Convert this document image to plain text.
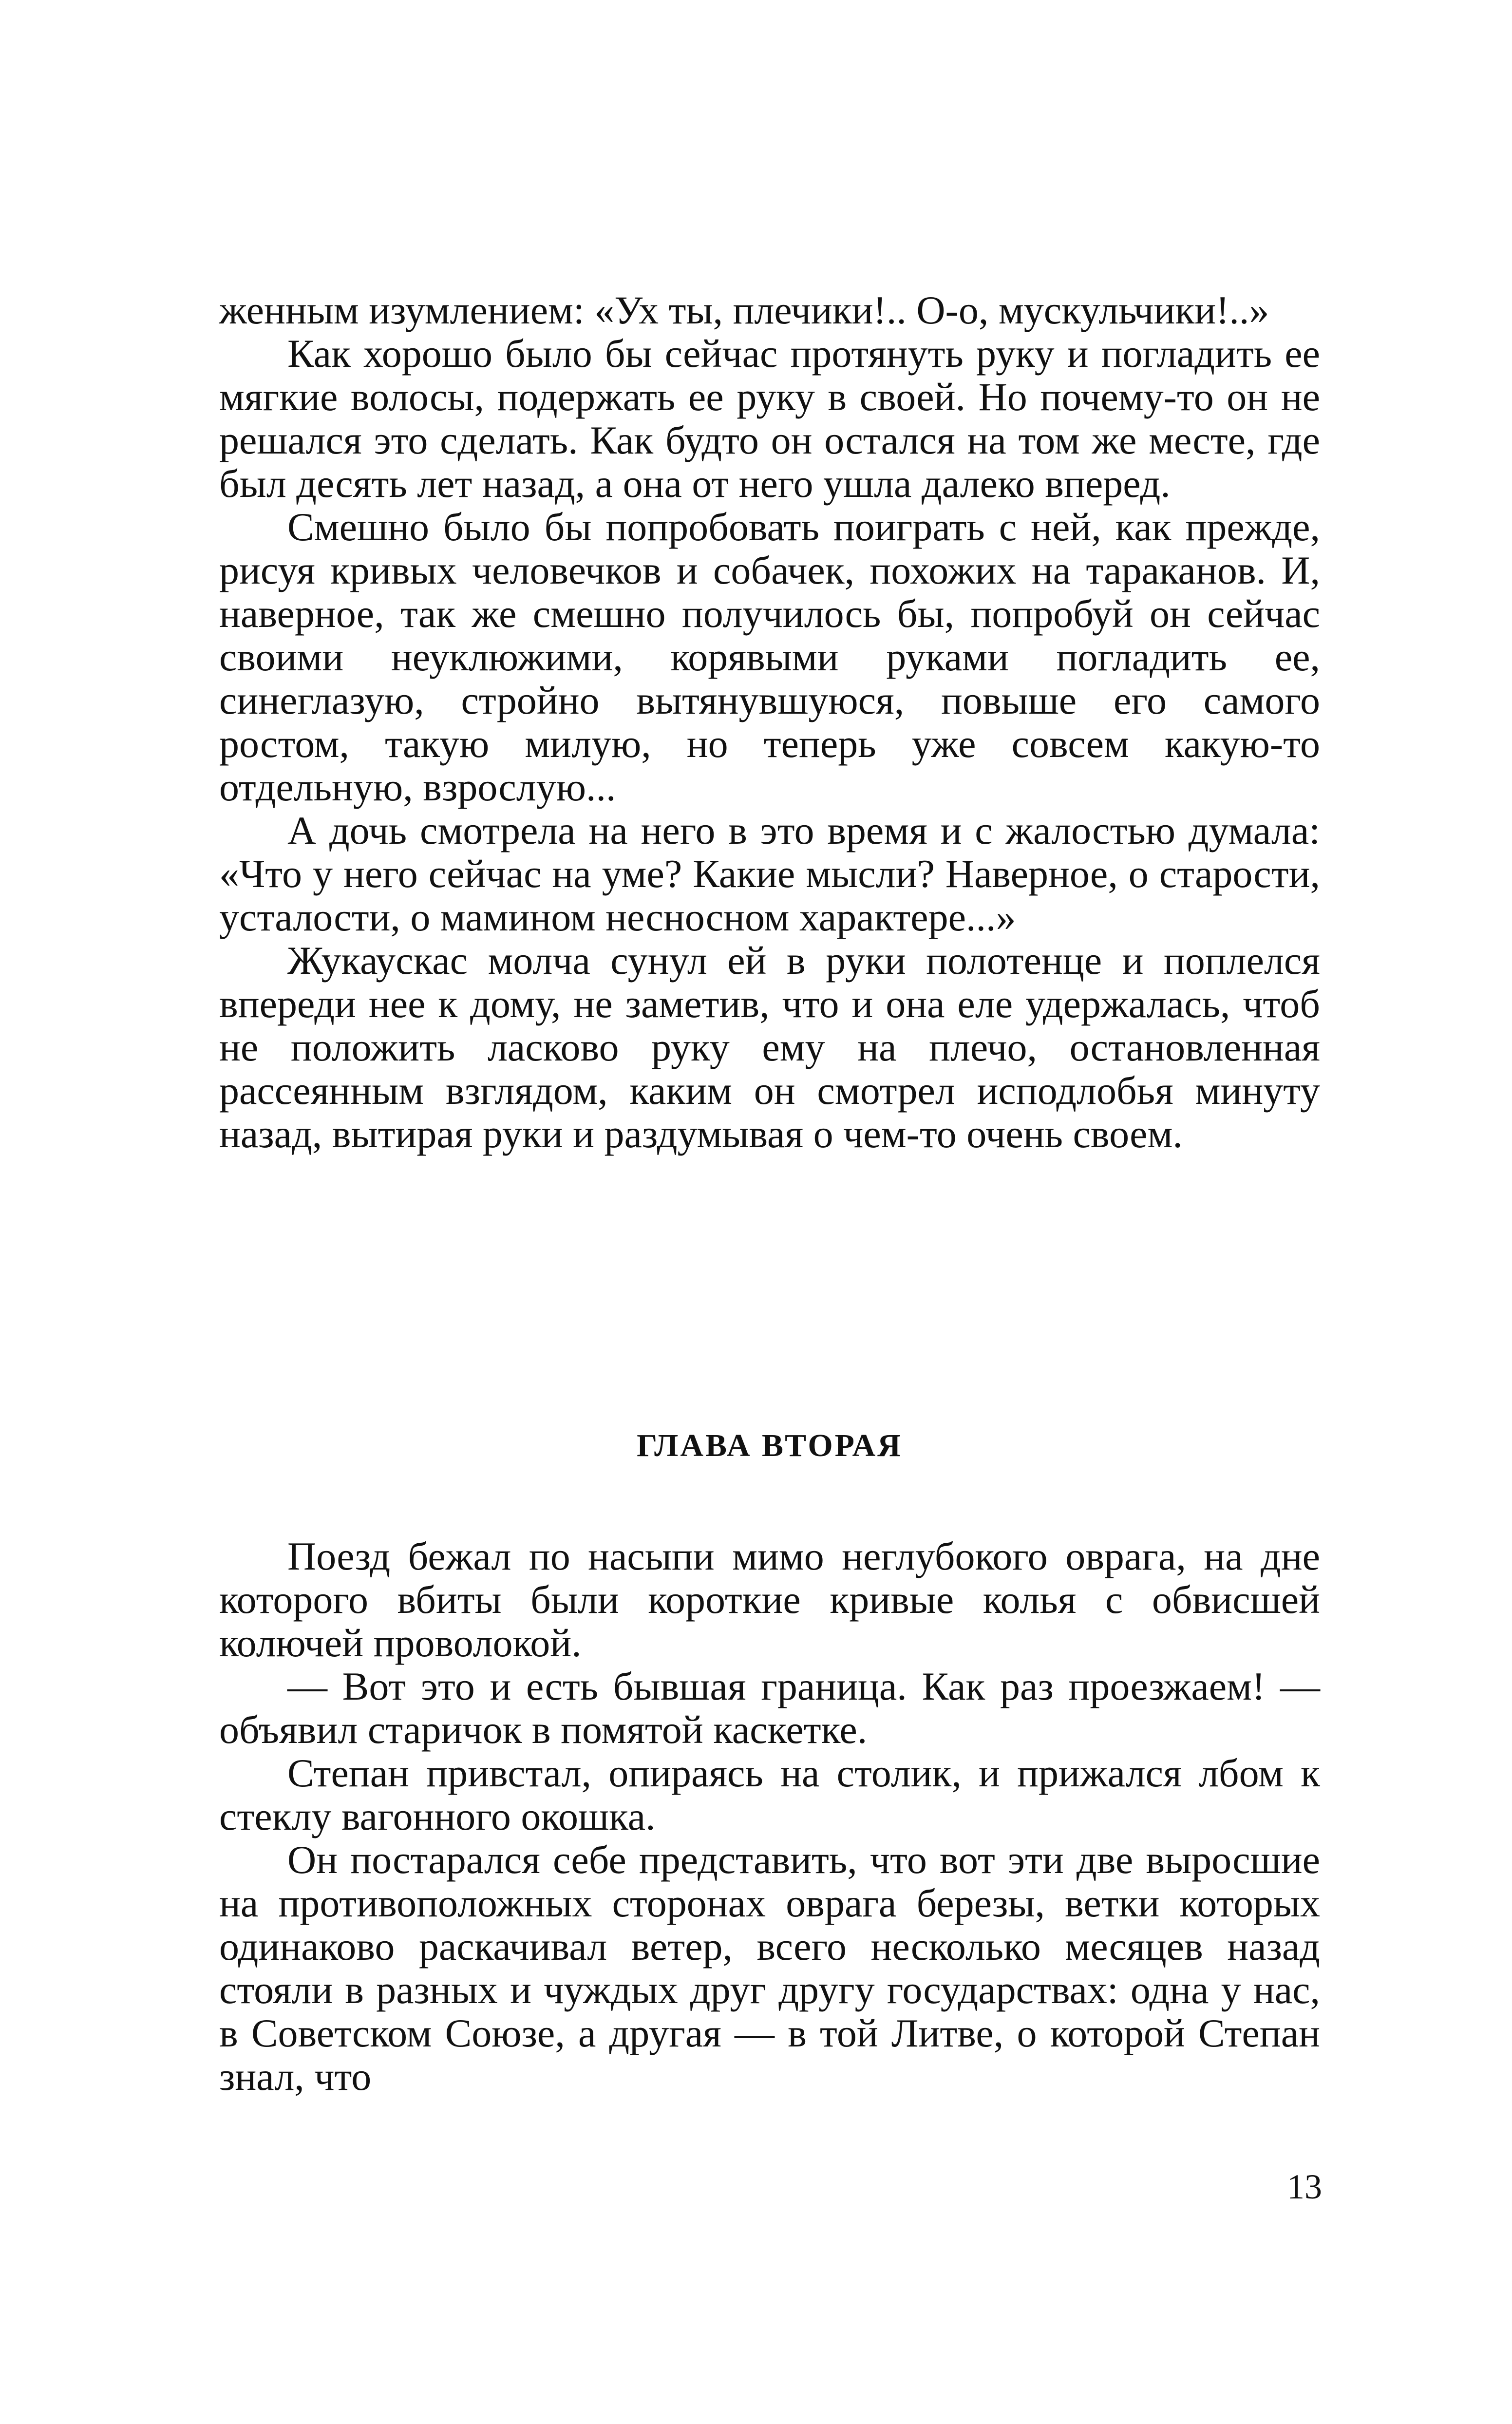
женным изумлением: «Ух ты, плечики!.. О-о, мускульчики!..»

Как хорошо было бы сейчас протянуть руку и погладить ее мягкие волосы, подержать ее руку в своей. Но почему-то он не решался это сделать. Как будто он остался на том же месте, где был десять лет назад, а она от него ушла далеко вперед.

Смешно было бы попробовать поиграть с ней, как прежде, рисуя кривых человечков и собачек, похожих на тараканов. И, наверное, так же смешно получилось бы, попробуй он сейчас своими неуклюжими, корявыми руками погладить ее, синеглазую, стройно вытянувшуюся, повыше его самого ростом, такую милую, но теперь уже совсем какую-то отдельную, взрослую...

А дочь смотрела на него в это время и с жалостью думала: «Что у него сейчас на уме? Какие мысли? Наверное, о старости, усталости, о мамином несносном характере...»

Жукаускас молча сунул ей в руки полотенце и поплелся впереди нее к дому, не заметив, что и она еле удержалась, чтоб не положить ласково руку ему на плечо, остановленная рассеянным взглядом, каким он смотрел исподлобья минуту назад, вытирая руки и раздумывая о чем-то очень своем.

ГЛАВА ВТОРАЯ

Поезд бежал по насыпи мимо неглубокого оврага, на дне которого вбиты были короткие кривые колья с обвисшей колючей проволокой.

— Вот это и есть бывшая граница. Как раз проезжаем! — объявил старичок в помятой каскетке.

Степан привстал, опираясь на столик, и прижался лбом к стеклу вагонного окошка.

Он постарался себе представить, что вот эти две выросшие на противоположных сторонах оврага березы, ветки которых одинаково раскачивал ветер, всего несколько месяцев назад стояли в разных и чуждых друг другу государствах: одна у нас, в Советском Союзе, а другая — в той Литве, о которой Степан знал, что

13
